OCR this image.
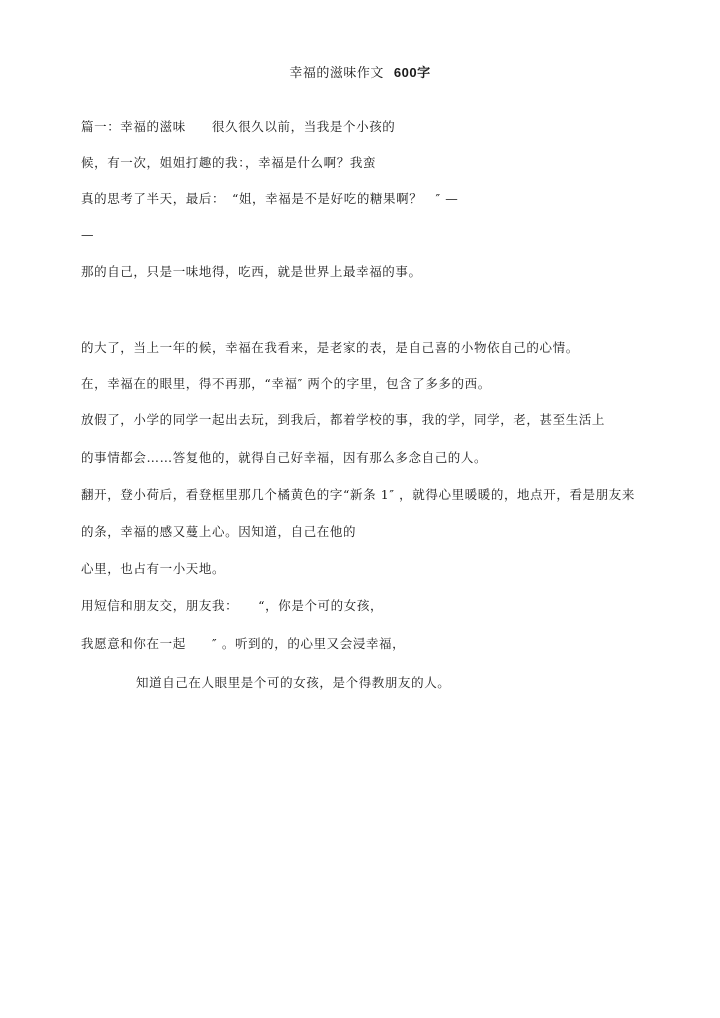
幸福的滋味作文 600字
篇一：幸福的滋味　　很久很久以前，当我是个小孩的
候，有一次，姐姐打趣的我：，幸福是什么啊？我蛮
真的思考了半天，最后：　“姐，幸福是不是好吃的糖果啊？　″ —
—
那的自己，只是一味地得，吃西，就是世界上最幸福的事。
的大了，当上一年的候，幸福在我看来，是老家的表，是自己喜的小物依自己的心情。
在，幸福在的眼里，得不再那，“幸福″ 两个的字里，包含了多多的西。
放假了，小学的同学一起出去玩，到我后，都着学校的事，我的学，同学，老，甚至生活上
的事情都会……答复他的，就得自己好幸福，因有那么多念自己的人。
翻开，登小荷后，看登框里那几个橘黄色的字“新条 1″ ，就得心里暖暖的，地点开，看是朋友来
的条，幸福的感又蔓上心。因知道，自己在他的
心里，也占有一小天地。
用短信和朋友交，朋友我：　　“，你是个可的女孩，
我愿意和你在一起　　″ 。听到的，的心里又会浸幸福，
知道自己在人眼里是个可的女孩，是个得教朋友的人。
